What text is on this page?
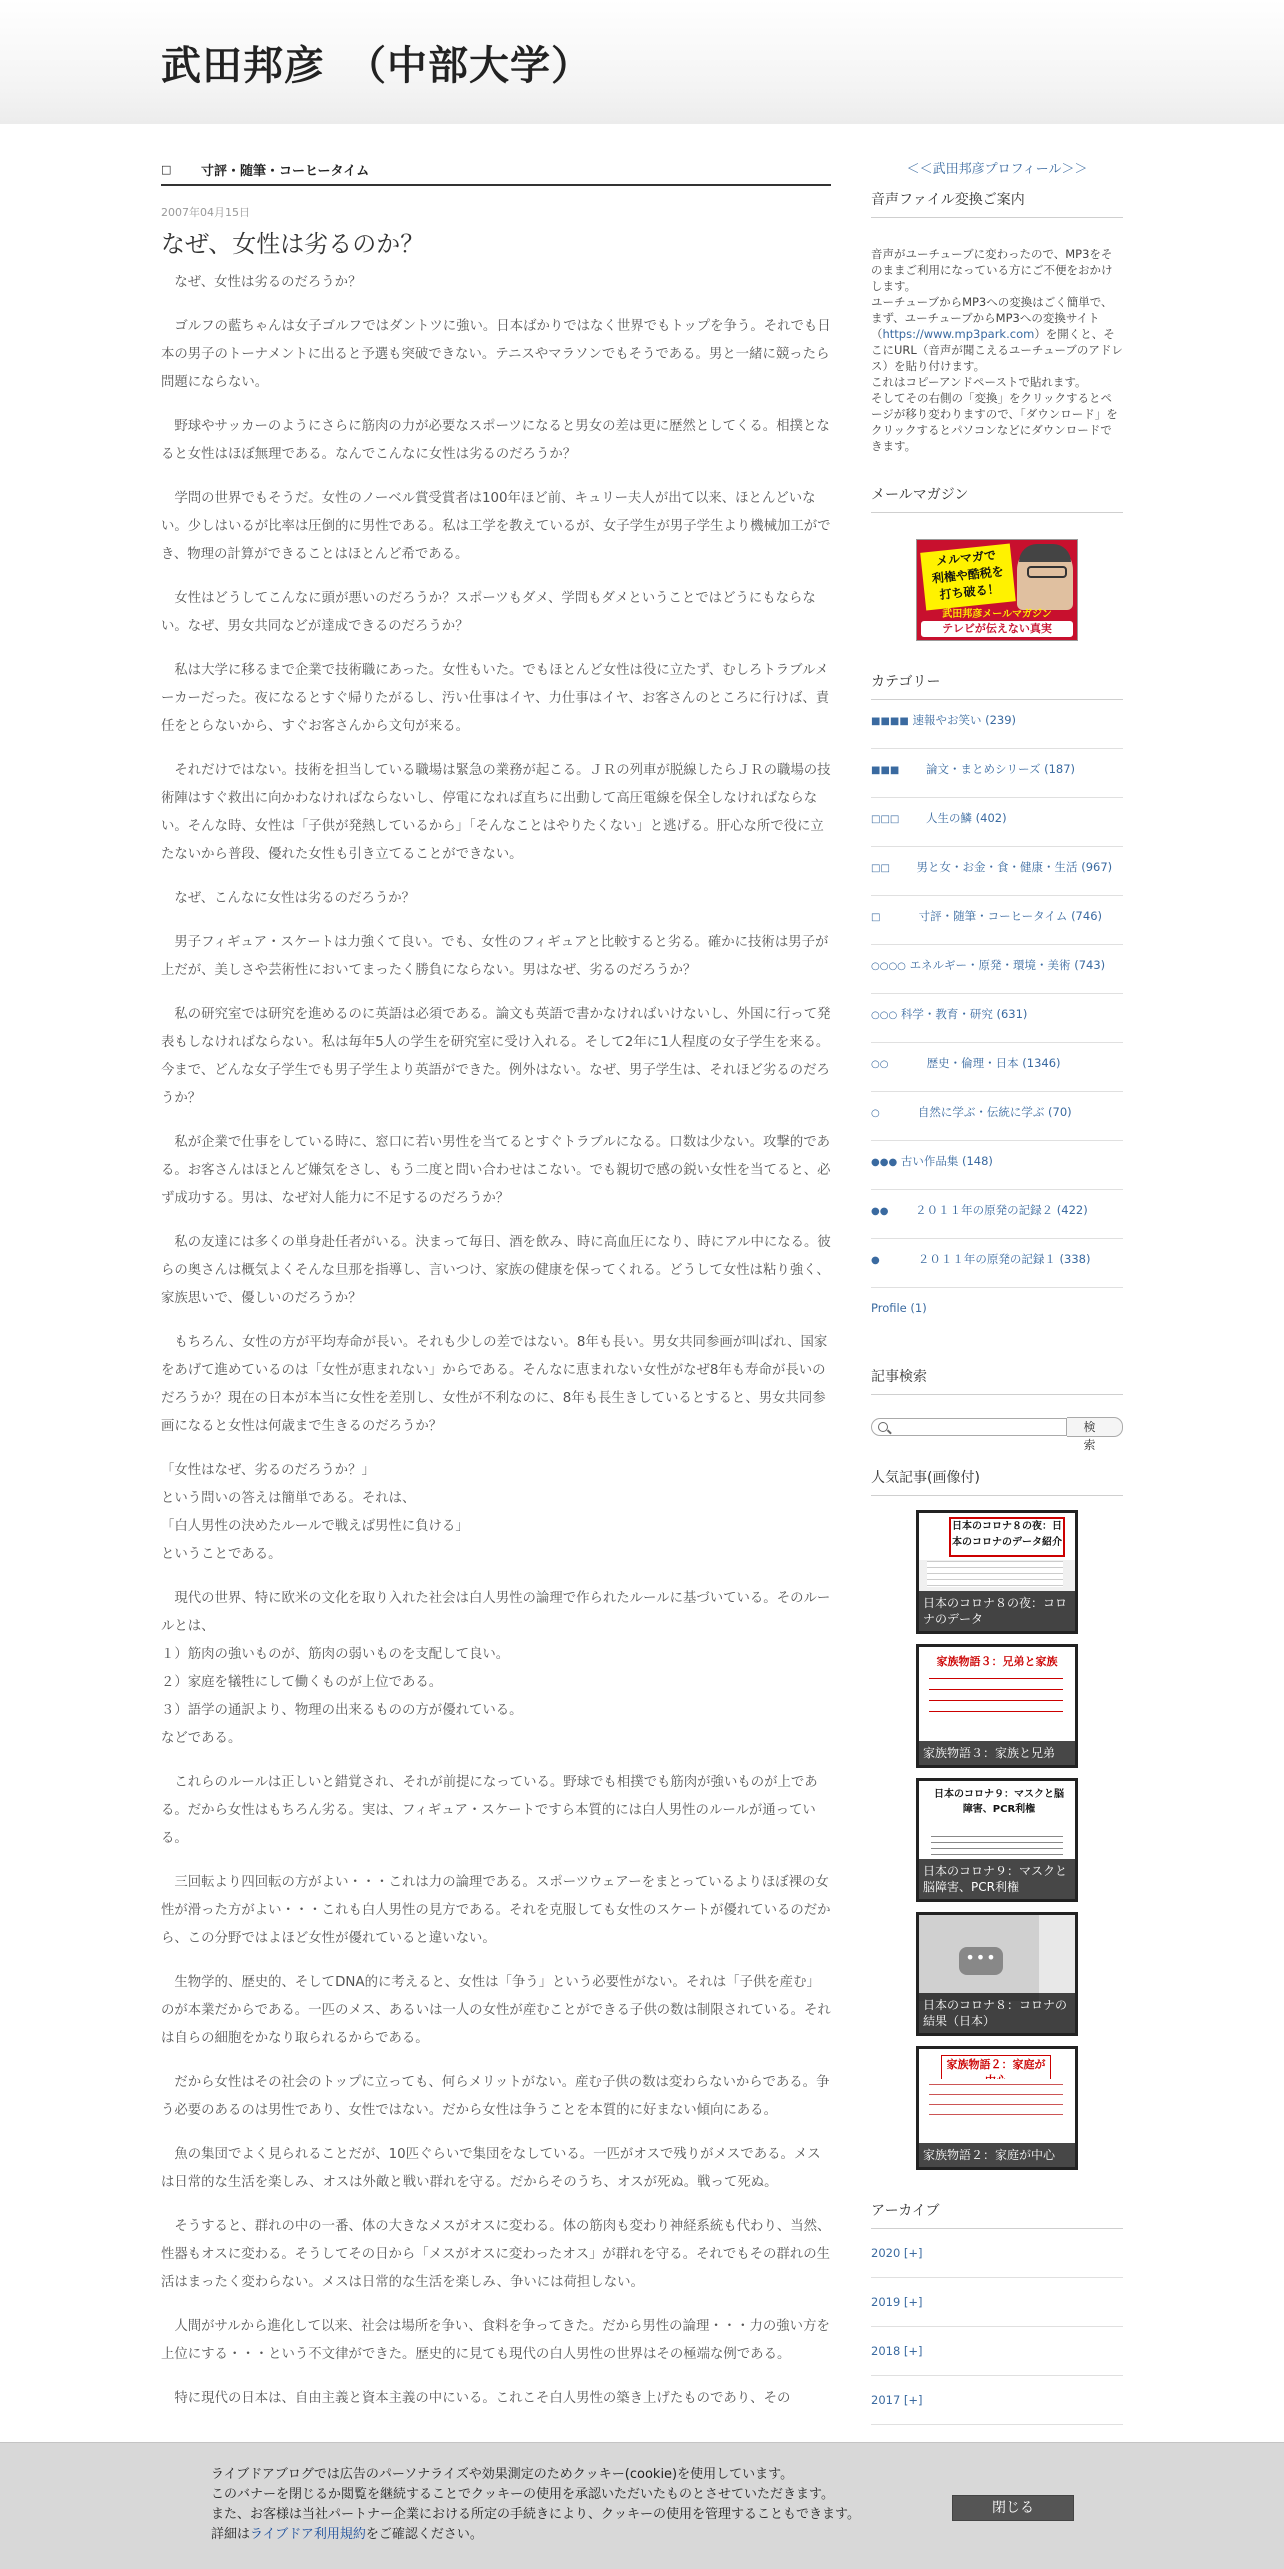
武田邦彦　（中部大学）
□	寸評・随筆・コーヒータイム
2007年04月15日
なぜ、女性は劣るのか？

なぜ、女性は劣るのだろうか？

ゴルフの藍ちゃんは女子ゴルフではダントツに強い。日本ばかりではなく世界でもトップを争う。それでも日本の男子のトーナメントに出ると予選も突破できない。テニスやマラソンでもそうである。男と一緒に競ったら問題にならない。

野球やサッカーのようにさらに筋肉の力が必要なスポーツになると男女の差は更に歴然としてくる。相撲となると女性はほぼ無理である。なんでこんなに女性は劣るのだろうか？

学問の世界でもそうだ。女性のノーベル賞受賞者は100年ほど前、キュリー夫人が出て以来、ほとんどいない。少しはいるが比率は圧倒的に男性である。私は工学を教えているが、女子学生が男子学生より機械加工ができ、物理の計算ができることはほとんど希である。

女性はどうしてこんなに頭が悪いのだろうか？スポーツもダメ、学問もダメということではどうにもならない。なぜ、男女共同などが達成できるのだろうか？

私は大学に移るまで企業で技術職にあった。女性もいた。でもほとんど女性は役に立たず、むしろトラブルメーカーだった。夜になるとすぐ帰りたがるし、汚い仕事はイヤ、力仕事はイヤ、お客さんのところに行けば、責任をとらないから、すぐお客さんから文句が来る。

それだけではない。技術を担当している職場は緊急の業務が起こる。ＪＲの列車が脱線したらＪＲの職場の技術陣はすぐ救出に向かわなければならないし、停電になれば直ちに出動して高圧電線を保全しなければならない。そんな時、女性は「子供が発熱しているから」「そんなことはやりたくない」と逃げる。肝心な所で役に立たないから普段、優れた女性も引き立てることができない。

なぜ、こんなに女性は劣るのだろうか？

男子フィギュア・スケートは力強くて良い。でも、女性のフィギュアと比較すると劣る。確かに技術は男子が上だが、美しさや芸術性においてまったく勝負にならない。男はなぜ、劣るのだろうか？

私の研究室では研究を進めるのに英語は必須である。論文も英語で書かなければいけないし、外国に行って発表もしなければならない。私は毎年5人の学生を研究室に受け入れる。そして2年に1人程度の女子学生を来る。今まで、どんな女子学生でも男子学生より英語ができた。例外はない。なぜ、男子学生は、それほど劣るのだろうか？

私が企業で仕事をしている時に、窓口に若い男性を当てるとすぐトラブルになる。口数は少ない。攻撃的である。お客さんはほとんど嫌気をさし、もう二度と問い合わせはこない。でも親切で感の鋭い女性を当てると、必ず成功する。男は、なぜ対人能力に不足するのだろうか？

私の友達には多くの単身赴任者がいる。決まって毎日、酒を飲み、時に高血圧になり、時にアル中になる。彼らの奥さんは概気よくそんな旦那を指導し、言いつけ、家族の健康を保ってくれる。どうして女性は粘り強く、家族思いで、優しいのだろうか？

もちろん、女性の方が平均寿命が長い。それも少しの差ではない。8年も長い。男女共同参画が叫ばれ、国家をあげて進めているのは「女性が恵まれない」からである。そんなに恵まれない女性がなぜ8年も寿命が長いのだろうか？現在の日本が本当に女性を差別し、女性が不利なのに、8年も長生きしているとすると、男女共同参画になると女性は何歳まで生きるのだろうか？

「女性はなぜ、劣るのだろうか？」

という問いの答えは簡単である。それは、

「白人男性の決めたルールで戦えば男性に負ける」

ということである。

現代の世界、特に欧米の文化を取り入れた社会は白人男性の論理で作られたルールに基づいている。そのルールとは、

１）筋肉の強いものが、筋肉の弱いものを支配して良い。

２）家庭を犠牲にして働くものが上位である。

３）語学の通訳より、物理の出来るものの方が優れている。

などである。

これらのルールは正しいと錯覚され、それが前提になっている。野球でも相撲でも筋肉が強いものが上である。だから女性はもちろん劣る。実は、フィギュア・スケートですら本質的には白人男性のルールが通っている。

三回転より四回転の方がよい・・・これは力の論理である。スポーツウェアーをまとっているよりほぼ裸の女性が滑った方がよい・・・これも白人男性の見方である。それを克服しても女性のスケートが優れているのだから、この分野ではよほど女性が優れていると違いない。

生物学的、歴史的、そしてDNA的に考えると、女性は「争う」という必要性がない。それは「子供を産む」のが本業だからである。一匹のメス、あるいは一人の女性が産むことができる子供の数は制限されている。それは自らの細胞をかなり取られるからである。

だから女性はその社会のトップに立っても、何らメリットがない。産む子供の数は変わらないからである。争う必要のあるのは男性であり、女性ではない。だから女性は争うことを本質的に好まない傾向にある。

魚の集団でよく見られることだが、10匹ぐらいで集団をなしている。一匹がオスで残りがメスである。メスは日常的な生活を楽しみ、オスは外敵と戦い群れを守る。だからそのうち、オスが死ぬ。戦って死ぬ。

そうすると、群れの中の一番、体の大きなメスがオスに変わる。体の筋肉も変わり神経系統も代わり、当然、性器もオスに変わる。そうしてその日から「メスがオスに変わったオス」が群れを守る。それでもその群れの生活はまったく変わらない。メスは日常的な生活を楽しみ、争いには荷担しない。

人間がサルから進化して以来、社会は場所を争い、食料を争ってきた。だから男性の論理・・・力の強い方を上位にする・・・という不文律ができた。歴史的に見ても現代の白人男性の世界はその極端な例である。

特に現代の日本は、自由主義と資本主義の中にいる。これこそ白人男性の築き上げたものであり、その

＜＜武田邦彦プロフィール＞＞
音声ファイル変換ご案内
音声がユーチューブに変わったので、MP3をそのままご利用になっている方にご不便をおかけします。
ユーチューブからMP3への変換はごく簡単で、まず、ユーチューブからMP3への変換サイト（https://www.mp3park.com）を開くと、そこにURL（音声が聞こえるユーチューブのアドレス）を貼り付けます。
これはコピーアンドペーストで貼れます。
そしてその右側の「変換」をクリックするとページが移り変わりますので、「ダウンロード」をクリックするとパソコンなどにダウンロードできます。
メールマガジン
メルマガで
利権や酷税を
打ち破る！
武田邦彦メールマガジン
テレビが伝えない真実
カテゴリー
■■■■ 速報やお笑い (239)
■■■ 　　論文・まとめシリーズ (187)
□□□ 　　人生の鱗 (402)
□□ 　　男と女・お金・食・健康・生活 (967)
□ 　　　寸評・随筆・コーヒータイム (746)
○○○○ エネルギー・原発・環境・美術 (743)
○○○ 科学・教育・研究 (631)
○○ 　　　歴史・倫理・日本 (1346)
○ 　　　自然に学ぶ・伝統に学ぶ (70)
●●● 古い作品集 (148)
●● 　　２０１１年の原発の記録２ (422)
● 　　　２０１１年の原発の記録１ (338)
Profile (1)
記事検索
検索
人気記事(画像付)
日本のコロナ８の夜：日本のコロナのデータ紹介
日本のコロナ８の夜：コロナのデータ
家族物語３：兄弟と家族
家族物語３：家族と兄弟
日本のコロナ９：マスクと脳障害、PCR利権
日本のコロナ９：マスクと脳障害、PCR利権
•••
日本のコロナ８：コロナの結果（日本）
家族物語２：家庭が
家族物語２：家庭が中心
アーカイブ
2020 [+]
2019 [+]
2018 [+]
2017 [+]
ライブドアブログでは広告のパーソナライズや効果測定のためクッキー(cookie)を使用しています。
このバナーを閉じるか閲覧を継続することでクッキーの使用を承認いただいたものとさせていただきます。
また、お客様は当社パートナー企業における所定の手続きにより、クッキーの使用を管理することもできます。
詳細はライブドア利用規約をご確認ください。
閉じる
